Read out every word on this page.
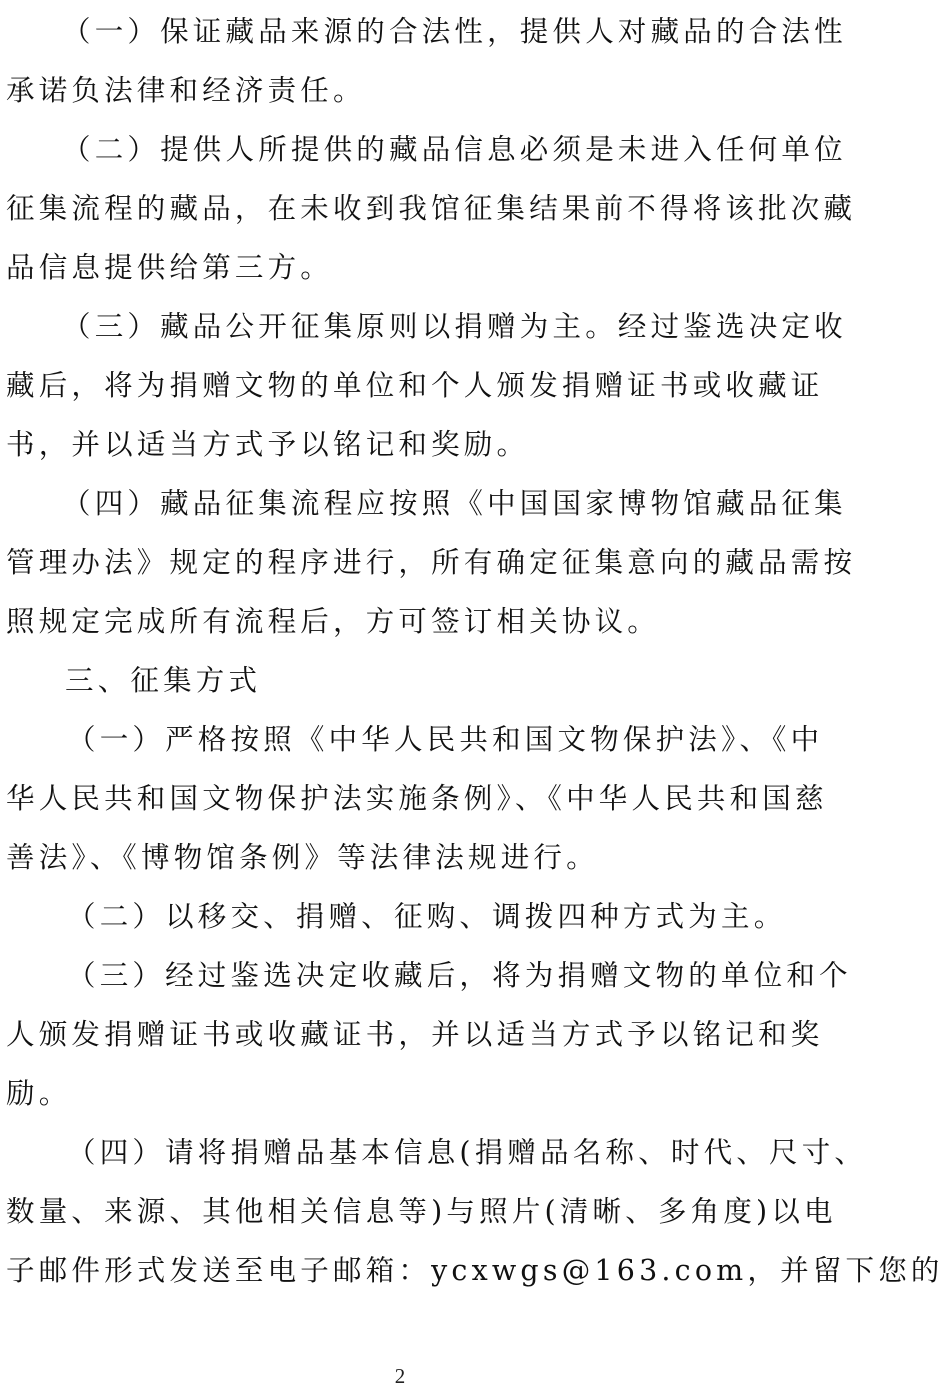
（一）保证藏品来源的合法性，提供人对藏品的合法性
承诺负法律和经济责任。
（二）提供人所提供的藏品信息必须是未进入任何单位
征集流程的藏品，在未收到我馆征集结果前不得将该批次藏
品信息提供给第三方。
（三）藏品公开征集原则以捐赠为主。经过鉴选决定收
藏后，将为捐赠文物的单位和个人颁发捐赠证书或收藏证
书，并以适当方式予以铭记和奖励。
（四）藏品征集流程应按照《中国国家博物馆藏品征集
管理办法》规定的程序进行，所有确定征集意向的藏品需按
照规定完成所有流程后，方可签订相关协议。
三、征集方式
（一）严格按照《中华人民共和国文物保护法》、《中
华人民共和国文物保护法实施条例》、《中华人民共和国慈
善法》、《博物馆条例》等法律法规进行。
（二）以移交、捐赠、征购、调拨四种方式为主。
（三）经过鉴选决定收藏后，将为捐赠文物的单位和个
人颁发捐赠证书或收藏证书，并以适当方式予以铭记和奖
励。
（四）请将捐赠品基本信息(捐赠品名称、时代、尺寸、
数量、来源、其他相关信息等)与照片(清晰、多角度)以电
子邮件形式发送至电子邮箱：ycxwgs@163.com，并留下您的
2
